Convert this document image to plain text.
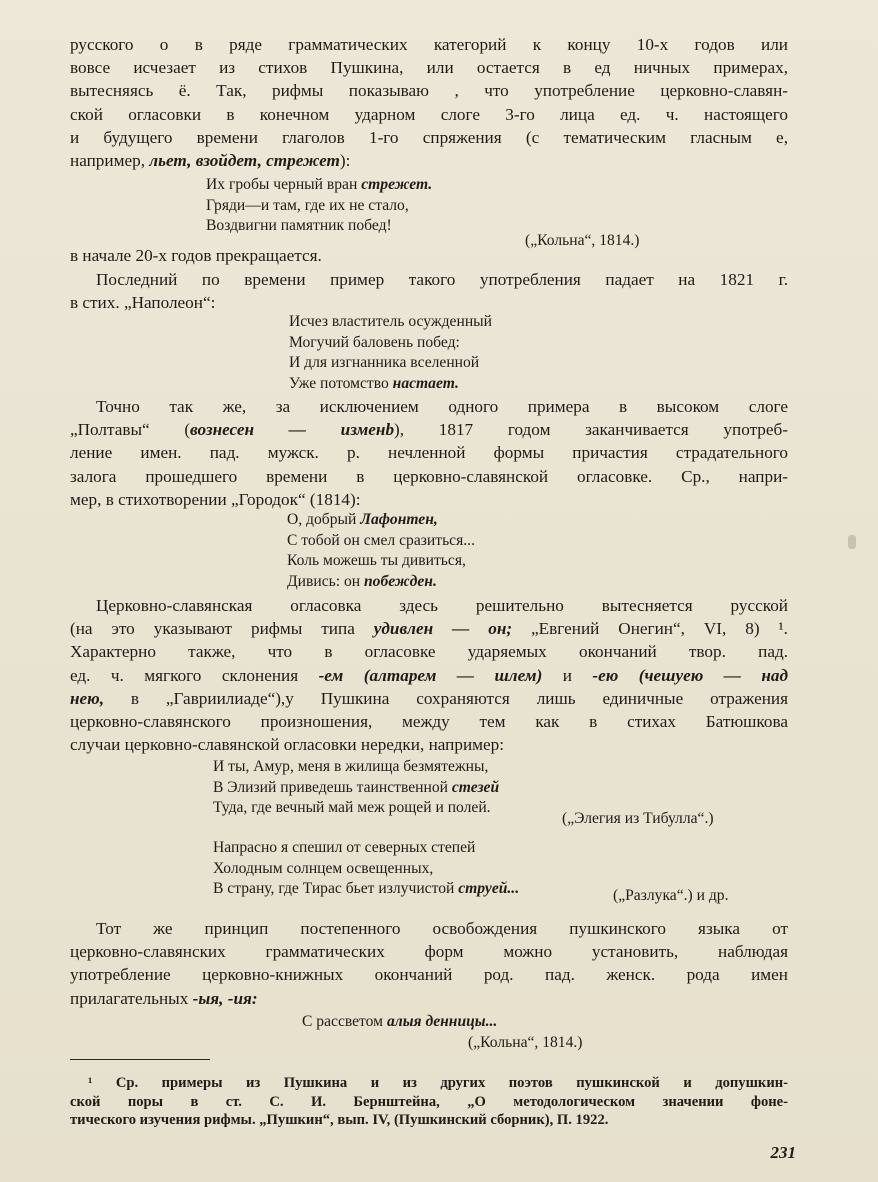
русского о в ряде грамматических категорий к концу 10-х годов или
вовсе исчезает из стихов Пушкина, или остается в ед ничных примерах,
вытесняясь ё. Так, рифмы показываю , что употребление церковно-славян-
ской огласовки в конечном ударном слоге 3-го лица ед. ч. настоящего
и будущего времени глаголов 1-го спряжения (с тематическим гласным е,
например, льет, взойдет, стрежет):
Их гробы черный вран стрежет.
Гряди—и там, где их не стало,
Воздвигни памятник побед!
(„Кольна“, 1814.)
в начале 20-х годов прекращается.
Последний по времени пример такого употребления падает на 1821 г.
в стих. „Наполеон“:
Исчез властитель осужденный
Могучий баловень побед:
И для изгнанника вселенной
Уже потомство настает.
Точно так же, за исключением одного примера в высоком слоге
„Полтавы“ (вознесен — изменb), 1817 годом заканчивается употреб-
ление имен. пад. мужск. р. нечленной формы причастия страдательного
залога прошедшего времени в церковно-славянской огласовке. Ср., напри-
мер, в стихотворении „Городок“ (1814):
О, добрый Лафонтен,
С тобой он смел сразиться...
Коль можешь ты дивиться,
Дивись: он побежден.
Церковно-славянская огласовка здесь решительно вытесняется русской
(на это указывают рифмы типа удивлен — он; „Евгений Онегин“, VI, 8) ¹.
Характерно также, что в огласовке ударяемых окончаний твор. пад.
ед. ч. мягкого склонения -ем (алтарем — шлем) и -ею (чешуею — над
нею, в „Гавриилиаде“),у Пушкина сохраняются лишь единичные отражения
церковно-славянского произношения, между тем как в стихах Батюшкова
случаи церковно-славянской огласовки нередки, например:
И ты, Амур, меня в жилища безмятежны,
В Элизий приведешь таинственной стезей
Туда, где вечный май меж рощей и полей.
(„Элегия из Тибулла“.)
Напрасно я спешил от северных степей
Холодным солнцем освещенных,
В страну, где Тирас бьет излучистой струей...	(„Разлука“.) и др.
Тот же принцип постепенного освобождения пушкинского языка от
церковно-славянских грамматических форм можно установить, наблюдая
употребление церковно-книжных окончаний род. пад. женск. рода имен
прилагательных -ыя, -ия:
С рассветом алыя денницы...
(„Кольна“, 1814.)
¹ Ср. примеры из Пушкина и из других поэтов пушкинской и допушкин-
ской поры в ст. С. И. Бернштейна, „О методологическом значении фоне-
тического изучения рифмы. „Пушкин“, вып. IV, (Пушкинский сборник), П. 1922.
231
